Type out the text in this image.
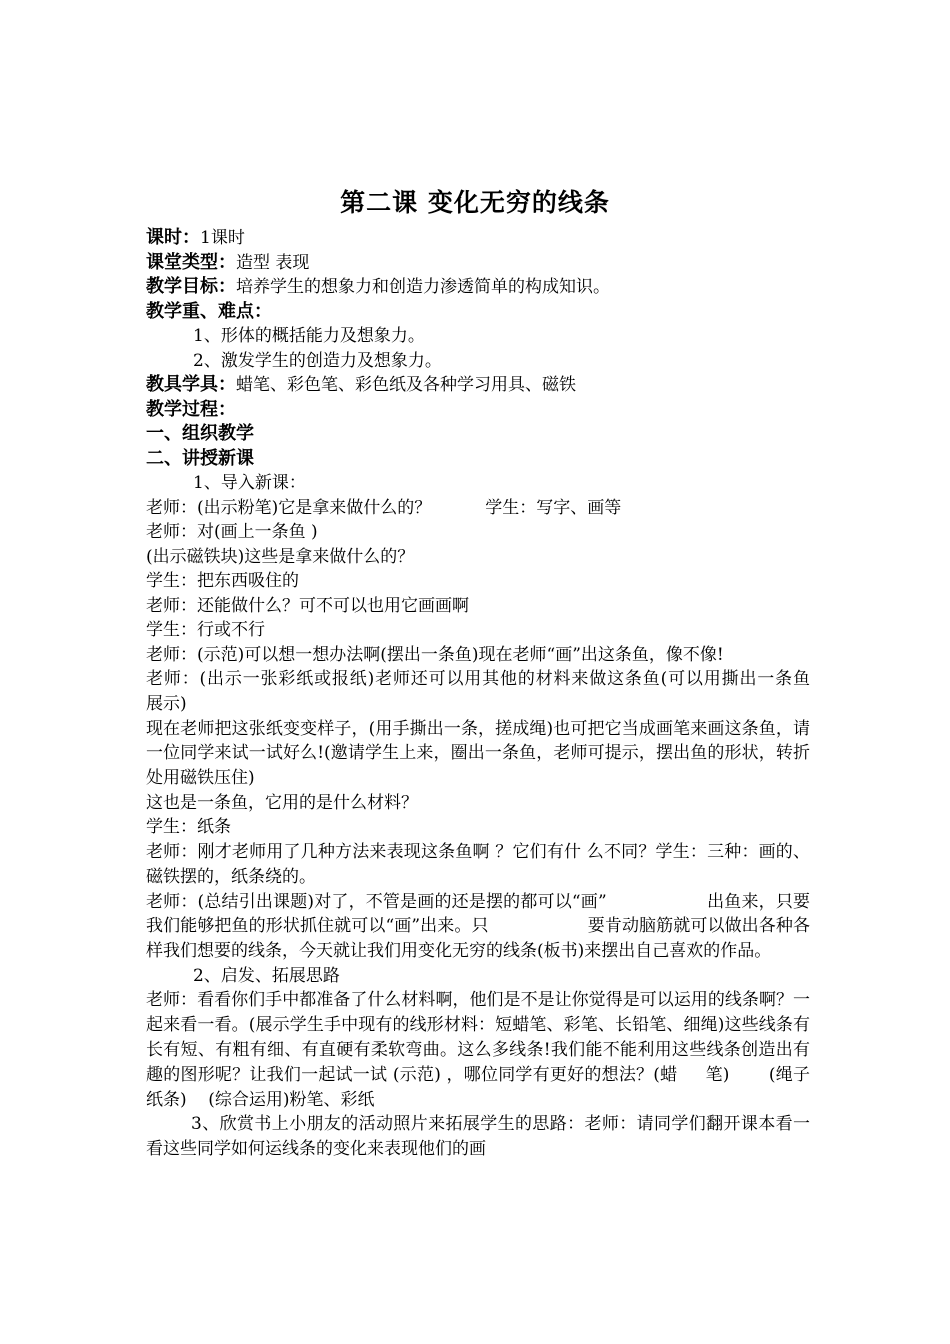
第二课 变化无穷的线条
课时：1课时
课堂类型：造型 表现
教学目标：培养学生的想象力和创造力渗透简单的构成知识。
教学重、难点：
1、形体的概括能力及想象力。
2、激发学生的创造力及想象力。
教具学具：蜡笔、彩色笔、彩色纸及各种学习用具、磁铁
教学过程：
一、组织教学
二、讲授新课
1、导入新课：
老师：(出示粉笔)它是拿来做什么的？          学生：写字、画等
老师：对(画上一条鱼 )
(出示磁铁块)这些是拿来做什么的？
学生：把东西吸住的
老师：还能做什么？可不可以也用它画画啊
学生：行或不行
老师：(示范)可以想一想办法啊(摆出一条鱼)现在老师“画”出这条鱼，像不像!
老师：(出示一张彩纸或报纸)老师还可以用其他的材料来做这条鱼(可以用撕出一条鱼     展示)
现在老师把这张纸变变样子，(用手撕出一条，搓成绳)也可把它当成画笔来画这条鱼，请一位同学来试一试好么!(邀请学生上来，圈出一条鱼，老师可提示，摆出鱼的形状，转折处用磁铁压住)
这也是一条鱼，它用的是什么材料？
学生：纸条
老师：刚才老师用了几种方法来表现这条鱼啊 ？它们有什 么不同？学生：三种：画的、磁铁摆的，纸条绕的。
老师：(总结引出课题)对了，不管是画的还是摆的都可以“画”                  出鱼来，只要我们能够把鱼的形状抓住就可以“画”出来。只                  要肯动脑筋就可以做出各种各样我们想要的线条，今天就让我们用变化无穷的线条(板书)来摆出自己喜欢的作品。
2、启发、拓展思路
老师：看看你们手中都准备了什么材料啊，他们是不是让你觉得是可以运用的线条啊？一起来看一看。(展示学生手中现有的线形材料：短蜡笔、彩笔、长铅笔、细绳)这些线条有长有短、有粗有细、有直硬有柔软弯曲。这么多线条!我们能不能利用这些线条创造出有趣的图形呢？让我们一起试一试 (示范) ，哪位同学有更好的想法？(蜡     笔)       (绳子     纸条)    (综合运用)粉笔、彩纸
3、欣赏书上小朋友的活动照片来拓展学生的思路：老师：请同学们翻开课本看一看这些同学如何运线条的变化来表现他们的画
